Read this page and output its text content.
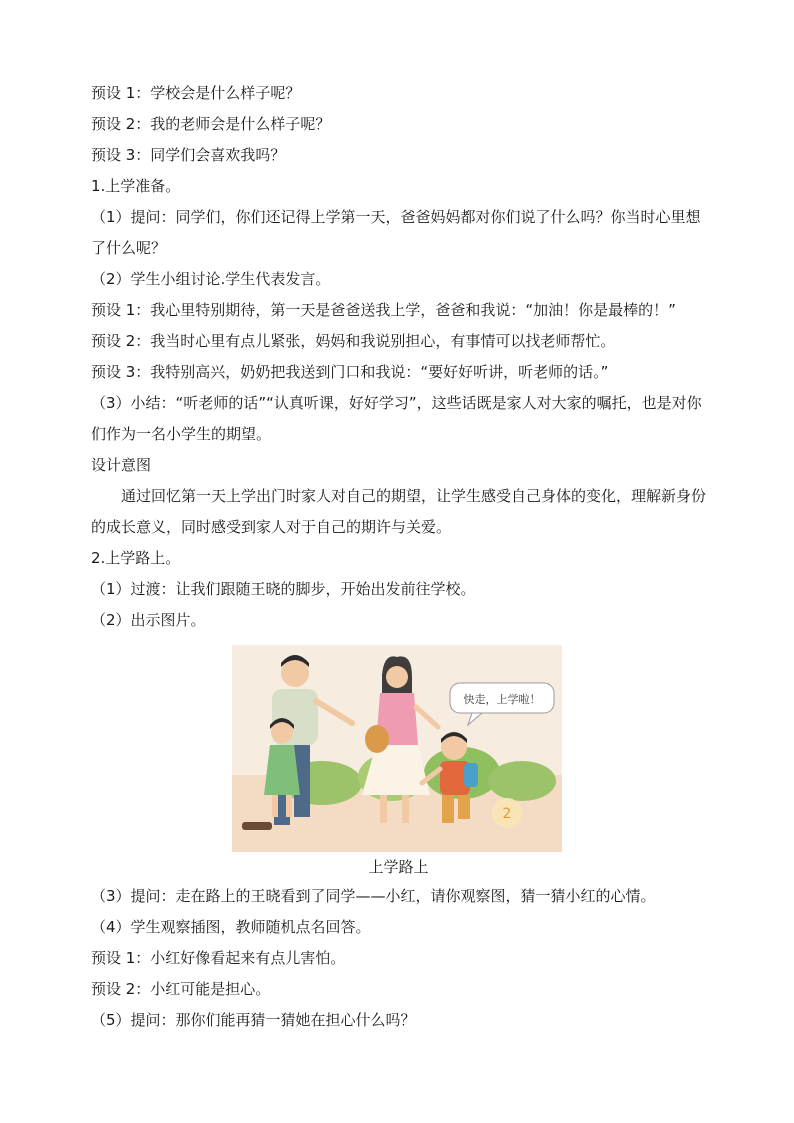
预设 1：学校会是什么样子呢？
预设 2：我的老师会是什么样子呢？
预设 3：同学们会喜欢我吗？
1.上学准备。
（1）提问：同学们，你们还记得上学第一天，爸爸妈妈都对你们说了什么吗？你当时心里想了什么呢？
（2）学生小组讨论.学生代表发言。
预设 1：我心里特别期待，第一天是爸爸送我上学，爸爸和我说：“加油！你是最棒的！”
预设 2：我当时心里有点儿紧张，妈妈和我说别担心，有事情可以找老师帮忙。
预设 3：我特别高兴，奶奶把我送到门口和我说：“要好好听讲，听老师的话。”
（3）小结：“听老师的话”“认真听课，好好学习”，这些话既是家人对大家的嘱托，也是对你们作为一名小学生的期望。
设计意图
通过回忆第一天上学出门时家人对自己的期望，让学生感受自己身体的变化，理解新身份的成长意义，同时感受到家人对于自己的期许与关爱。
2.上学路上。
（1）过渡：让我们跟随王晓的脚步，开始出发前往学校。
（2）出示图片。
快走，上学啦！
2
上学路上
（3）提问：走在路上的王晓看到了同学——小红，请你观察图，猜一猜小红的心情。
（4）学生观察插图，教师随机点名回答。
预设 1：小红好像看起来有点儿害怕。
预设 2：小红可能是担心。
（5）提问：那你们能再猜一猜她在担心什么吗？
